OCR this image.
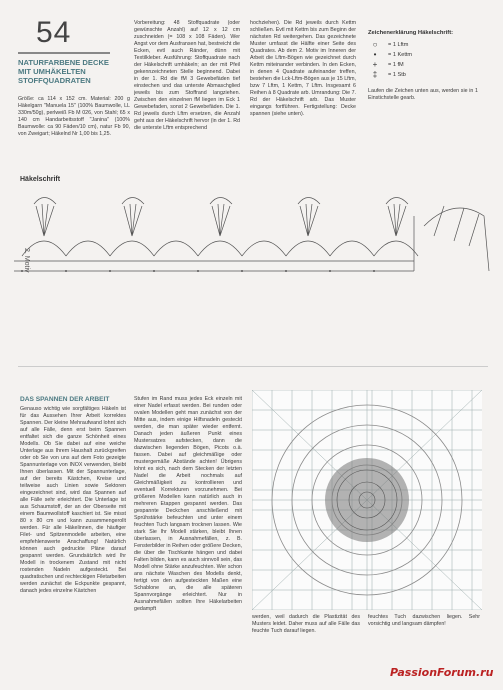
54
NATURFARBENE DECKE
MIT UMHÄKELTEN
STOFFQUADRATEN
Größe: ca 114 x 152 cm. Material: 200 g Häkelgarn "Manuela 15" (100% Baumwolle, LL 330m/50g), perlweiß Fb M 026, von Stahl; 65 x 140 cm Handarbeitsstoff "Janina" (100% Baumwolle: ca 90 Fäden/10 cm), natur Fb 90, von Zweigart; Häkelnd Nr 1,00 bis 1,25.
Vorbereitung: 48 Stoffquadrate (oder gewünschte Anzahl) auf 12 x 12 cm zuschneiden (= 108 x 108 Fäden). Wer Angst vor dem Ausfransen hat, bestreicht die Ecken, evtl auch Ränder, dünn mit Textilkleber. Ausführung: Stoffquadrate nach der Häkelschrift umhäkeln; an der mit Pfeil gekennzeichneten Stelle beginnend. Dabei in der 1. Rd die fM 3 Gewebefäden tief einstechen und das unterste Abmaschglied jeweils bis zum Stoffrand langziehen. Zwischen den einzelnen fM liegen im Eck 1 Gewebefaden, sonst 2 Gewebefäden. Die 1. Rd jeweils durch Lftm ersetzen, die Anzahl geht aus der Häkelschrift hervor (in der 1. Rd die unterste Lftm entsprechend
hochziehen). Die Rd jeweils durch Kettm schließen. Evtl mit Kettm bis zum Beginn der nächsten Rd weitergehen. Das gezeichnete Muster umfasst die Hälfte einer Seite des Quadrates. Ab dem 2. Motiv im Inneren der Arbeit die Lftm-Bögen wie gezeichnet durch Kettm miteinander verbinden. In den Ecken, in denen 4 Quadrate aufeinander treffen, bestehen die Lck-Lftm-Bögen aus je 15 Lftm, bzw 7 Lftm, 1 Kettm, 7 Lftm. Insgesamt 6 Reihen à 8 Quadrate arb. Umrandung: Die 7. Rd der Häkelschrift arb. Das Muster eingangs fortführen. Fertigstellung: Decke spannen (siehe unten).
Zeichenerklärung Häkelschrift:
○	= 1 Lftm
•	= 1 Kettm
+	= 1 fM
‡	= 1 Stb
Laufen die Zeichen unten aus, werden sie in 1 Einstichstelle gearb.
Häkelschrift
2. Motiv
DAS SPANNEN DER ARBEIT
Genauso wichtig wie sorgfältiges Häkeln ist für das Aussehen Ihrer Arbeit korrektes Spannen. Der kleine Mehraufwand lohnt sich auf alle Fälle, denn erst beim Spannen entfaltet sich die ganze Schönheit eines Modells. Ob Sie dabei auf eine weiche Unterlage aus Ihrem Haushalt zurückgreifen oder ob Sie von uns auf dem Foto gezeigte Spannunterlage von INOX verwenden, bleibt Ihnen überlassen. Mit der Spannunterlage, auf der bereits Kästchen, Kreise und teilweise auch Linien sowie Sektoren eingezeichnet sind, wird das Spannen auf alle Fälle sehr erleichtert. Die Unterlage ist aus Schaumstoff, der an der Oberseite mit einem Baumwollstoff kaschiert ist. Sie misst 80 x 80 cm und kann zusammengerollt werden. Für alle Häkelinnen, die häufiger Filet- und Spitzenmodelle arbeiten, eine empfehlenswerte Anschaffung! Natürlich können auch gedruckte Pläne darauf gespannt werden. Grundsätzlich wird Ihr Modell in trockenem Zustand mit nicht rostenden Nadeln aufgesteckt. Bei quadratischen und rechteckigen Filetarbeiten werden zunächst die Eckpunkte gespannt, danach jedes einzelne Kästchen
Stufen im Rand muss jedes Eck einzeln mit einer Nadel erfasst werden. Bei runden oder ovalen Modellen geht man zunächst von der Mitte aus, indem einige Hilfsnadeln gesteckt werden, die man später wieder entfernt. Danach jeden äußeren Punkt eines Mustersatzes aufstecken, dann die dazwischen liegenden Bögen, Picots o.ä. fassen. Dabei auf gleichmäßige oder mustergemäße Abstände achten! Übrigens lohnt es sich, nach dem Stecken der letzten Nadel die Arbeit nochmals auf Gleichmäßigkeit zu kontrollieren und eventuell Korrekturen vorzunehmen. Bei größeren Modellen kann natürlich auch in mehreren Etappen gespannt werden. Das gespannte Deckchen anschließend mit Sprühstärke befeuchten und unter einem feuchten Tuch langsam trocknen lassen. Wie stark Sie Ihr Modell stärken, bleibt Ihnen überlassen, in Ausnahmefällen, z. B. Fensterbilder in Reihen oder größere Decken, die über die Tischkante hängen und dabei Falten bilden, kann es auch sinnvoll sein, das Modell ohne Stärke anzufeuchten. Wer schon ans nächste Waschen des Modells denkt, fertigt von den aufgesteckten Maßen eine Schablone an, die alle späteren Spannvorgänge erleichtert. Nur in Ausnahmefällen sollten Ihre Häkelarbeiten gedampft
werden, weil dadurch die Plastizität des Musters leidet. Daher muss auf alle Fälle das feuchte Tuch darauf liegen.
feuchtes Tuch dazwischen liegen. Sehr vorsichtig und langsam dämpfen!
PassionForum.ru
